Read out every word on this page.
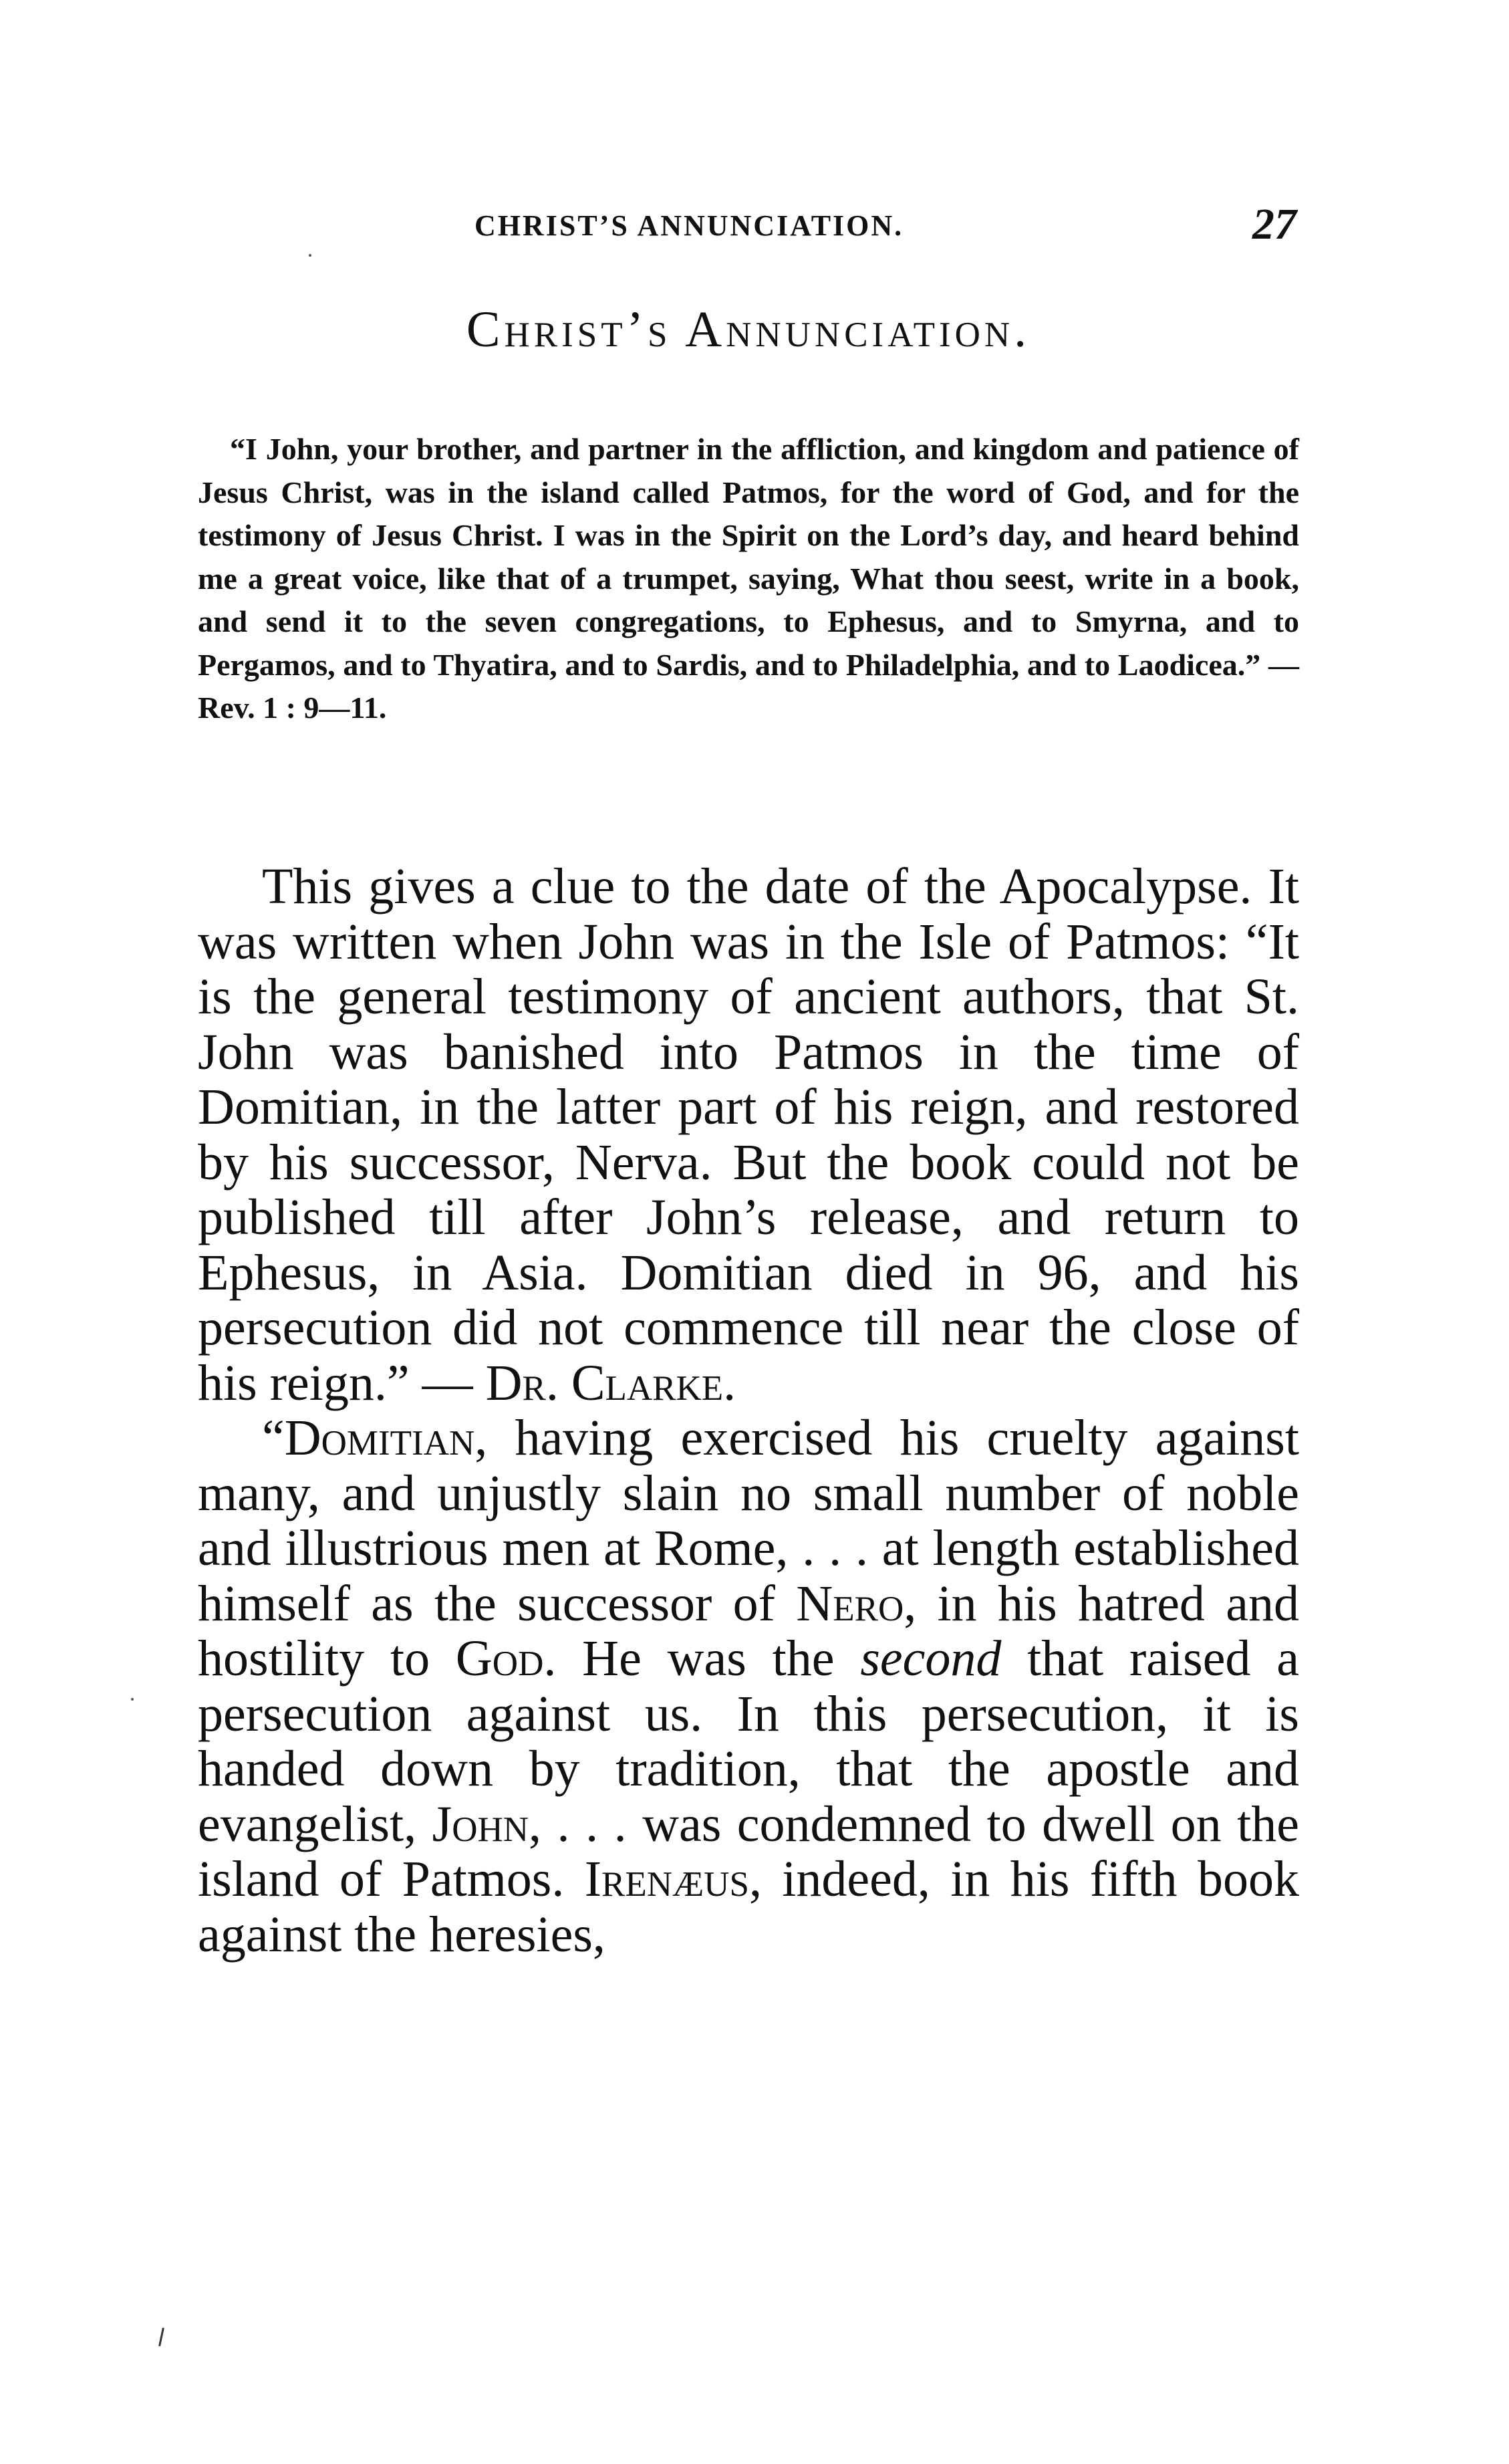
CHRIST’S ANNUNCIATION.	27
Christ’s Annunciation.
“I John, your brother, and partner in the affliction, and kingdom and patience of Jesus Christ, was in the island called Patmos, for the word of God, and for the testimony of Jesus Christ. I was in the Spirit on the Lord’s day, and heard behind me a great voice, like that of a trumpet, saying, What thou seest, write in a book, and send it to the seven congregations, to Ephesus, and to Smyrna, and to Pergamos, and to Thyatira, and to Sardis, and to Philadelphia, and to Laodicea.” —Rev. 1 : 9—11.

This gives a clue to the date of the Apocalypse. It was written when John was in the Isle of Patmos: “It is the general testimony of ancient authors, that St. John was banished into Patmos in the time of Domitian, in the latter part of his reign, and restored by his successor, Nerva. But the book could not be published till after John’s release, and return to Ephesus, in Asia. Domitian died in 96, and his persecution did not commence till near the close of his reign.” — Dr. Clarke.

“Domitian, having exercised his cruelty against many, and unjustly slain no small number of noble and illustrious men at Rome, . . . at length established himself as the successor of Nero, in his hatred and hostility to God. He was the second that raised a persecution against us. In this persecution, it is handed down by tradition, that the apostle and evangelist, John, . . . was condemned to dwell on the island of Patmos. Irenæus, indeed, in his fifth book against the heresies,
